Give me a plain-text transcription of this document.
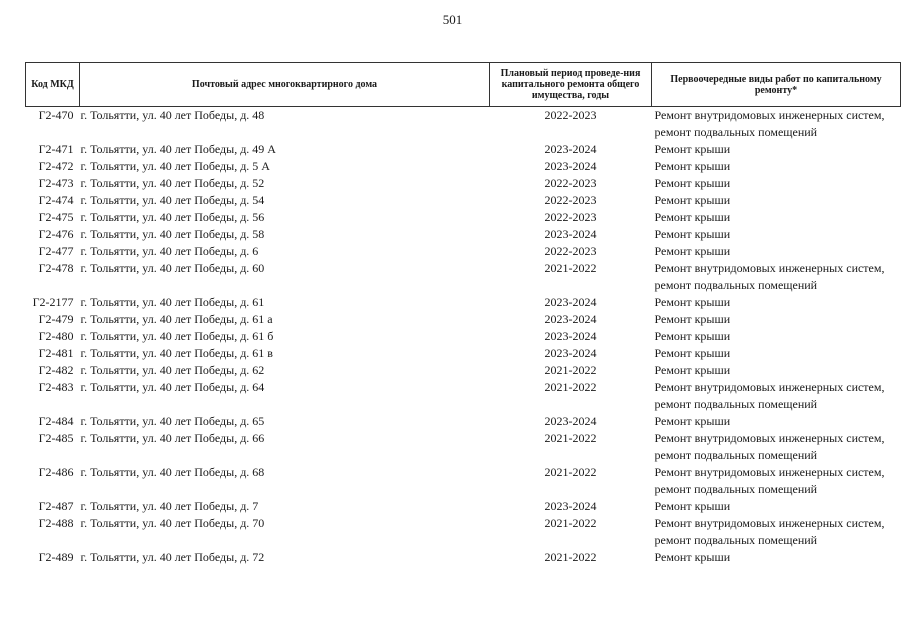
501
Код МКД	Почтовый адрес многоквартирного дома	Плановый период проведе-ния капитального ремонта общего имущества, годы	Первоочередные виды работ по капитальному ремонту*
Г2-470	г. Тольятти, ул. 40 лет Победы, д. 48	2022-2023	Ремонт внутридомовых инженерных систем, ремонт подвальных помещений
Г2-471	г. Тольятти, ул. 40 лет Победы, д. 49 А	2023-2024	Ремонт крыши
Г2-472	г. Тольятти, ул. 40 лет Победы, д. 5 А	2023-2024	Ремонт крыши
Г2-473	г. Тольятти, ул. 40 лет Победы, д. 52	2022-2023	Ремонт крыши
Г2-474	г. Тольятти, ул. 40 лет Победы, д. 54	2022-2023	Ремонт крыши
Г2-475	г. Тольятти, ул. 40 лет Победы, д. 56	2022-2023	Ремонт крыши
Г2-476	г. Тольятти, ул. 40 лет Победы, д. 58	2023-2024	Ремонт крыши
Г2-477	г. Тольятти, ул. 40 лет Победы, д. 6	2022-2023	Ремонт крыши
Г2-478	г. Тольятти, ул. 40 лет Победы, д. 60	2021-2022	Ремонт внутридомовых инженерных систем, ремонт подвальных помещений
Г2-2177	г. Тольятти, ул. 40 лет Победы, д. 61	2023-2024	Ремонт крыши
Г2-479	г. Тольятти, ул. 40 лет Победы, д. 61 а	2023-2024	Ремонт крыши
Г2-480	г. Тольятти, ул. 40 лет Победы, д. 61 б	2023-2024	Ремонт крыши
Г2-481	г. Тольятти, ул. 40 лет Победы, д. 61 в	2023-2024	Ремонт крыши
Г2-482	г. Тольятти, ул. 40 лет Победы, д. 62	2021-2022	Ремонт крыши
Г2-483	г. Тольятти, ул. 40 лет Победы, д. 64	2021-2022	Ремонт внутридомовых инженерных систем, ремонт подвальных помещений
Г2-484	г. Тольятти, ул. 40 лет Победы, д. 65	2023-2024	Ремонт крыши
Г2-485	г. Тольятти, ул. 40 лет Победы, д. 66	2021-2022	Ремонт внутридомовых инженерных систем, ремонт подвальных помещений
Г2-486	г. Тольятти, ул. 40 лет Победы, д. 68	2021-2022	Ремонт внутридомовых инженерных систем, ремонт подвальных помещений
Г2-487	г. Тольятти, ул. 40 лет Победы, д. 7	2023-2024	Ремонт крыши
Г2-488	г. Тольятти, ул. 40 лет Победы, д. 70	2021-2022	Ремонт внутридомовых инженерных систем, ремонт подвальных помещений
Г2-489	г. Тольятти, ул. 40 лет Победы, д. 72	2021-2022	Ремонт крыши
